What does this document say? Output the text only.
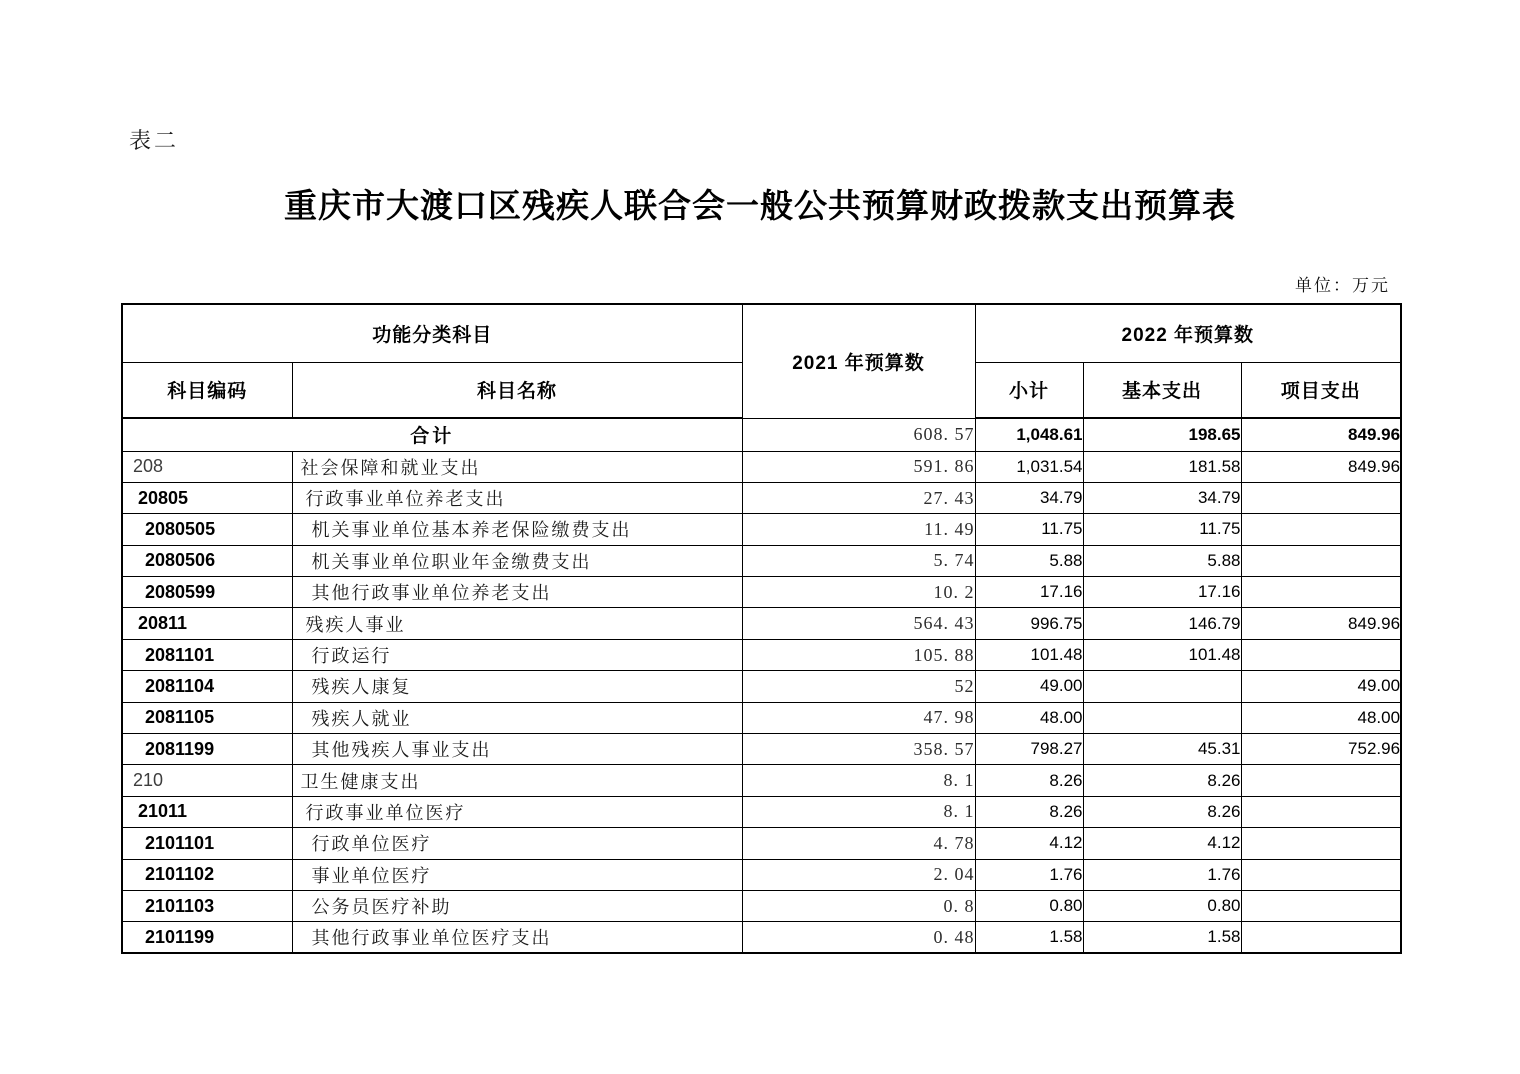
表二
重庆市大渡口区残疾人联合会一般公共预算财政拨款支出预算表
单位：万元
功能分类科目		2021 年预算数	2022 年预算数		
科目编码	科目名称		小计	基本支出	项目支出
合计		608. 57	1,048.61	198.65	849.96
208	社会保障和就业支出	591. 86	1,031.54	181.58	849.96
20805	行政事业单位养老支出	27. 43	34.79	34.79	
2080505	机关事业单位基本养老保险缴费支出	11. 49	11.75	11.75	
2080506	机关事业单位职业年金缴费支出	5. 74	5.88	5.88	
2080599	其他行政事业单位养老支出	10. 2	17.16	17.16	
20811	残疾人事业	564. 43	996.75	146.79	849.96
2081101	行政运行	105. 88	101.48	101.48	
2081104	残疾人康复	52	49.00		49.00
2081105	残疾人就业	47. 98	48.00		48.00
2081199	其他残疾人事业支出	358. 57	798.27	45.31	752.96
210	卫生健康支出	8. 1	8.26	8.26	
21011	行政事业单位医疗	8. 1	8.26	8.26	
2101101	行政单位医疗	4. 78	4.12	4.12	
2101102	事业单位医疗	2. 04	1.76	1.76	
2101103	公务员医疗补助	0. 8	0.80	0.80	
2101199	其他行政事业单位医疗支出	0. 48	1.58	1.58	
